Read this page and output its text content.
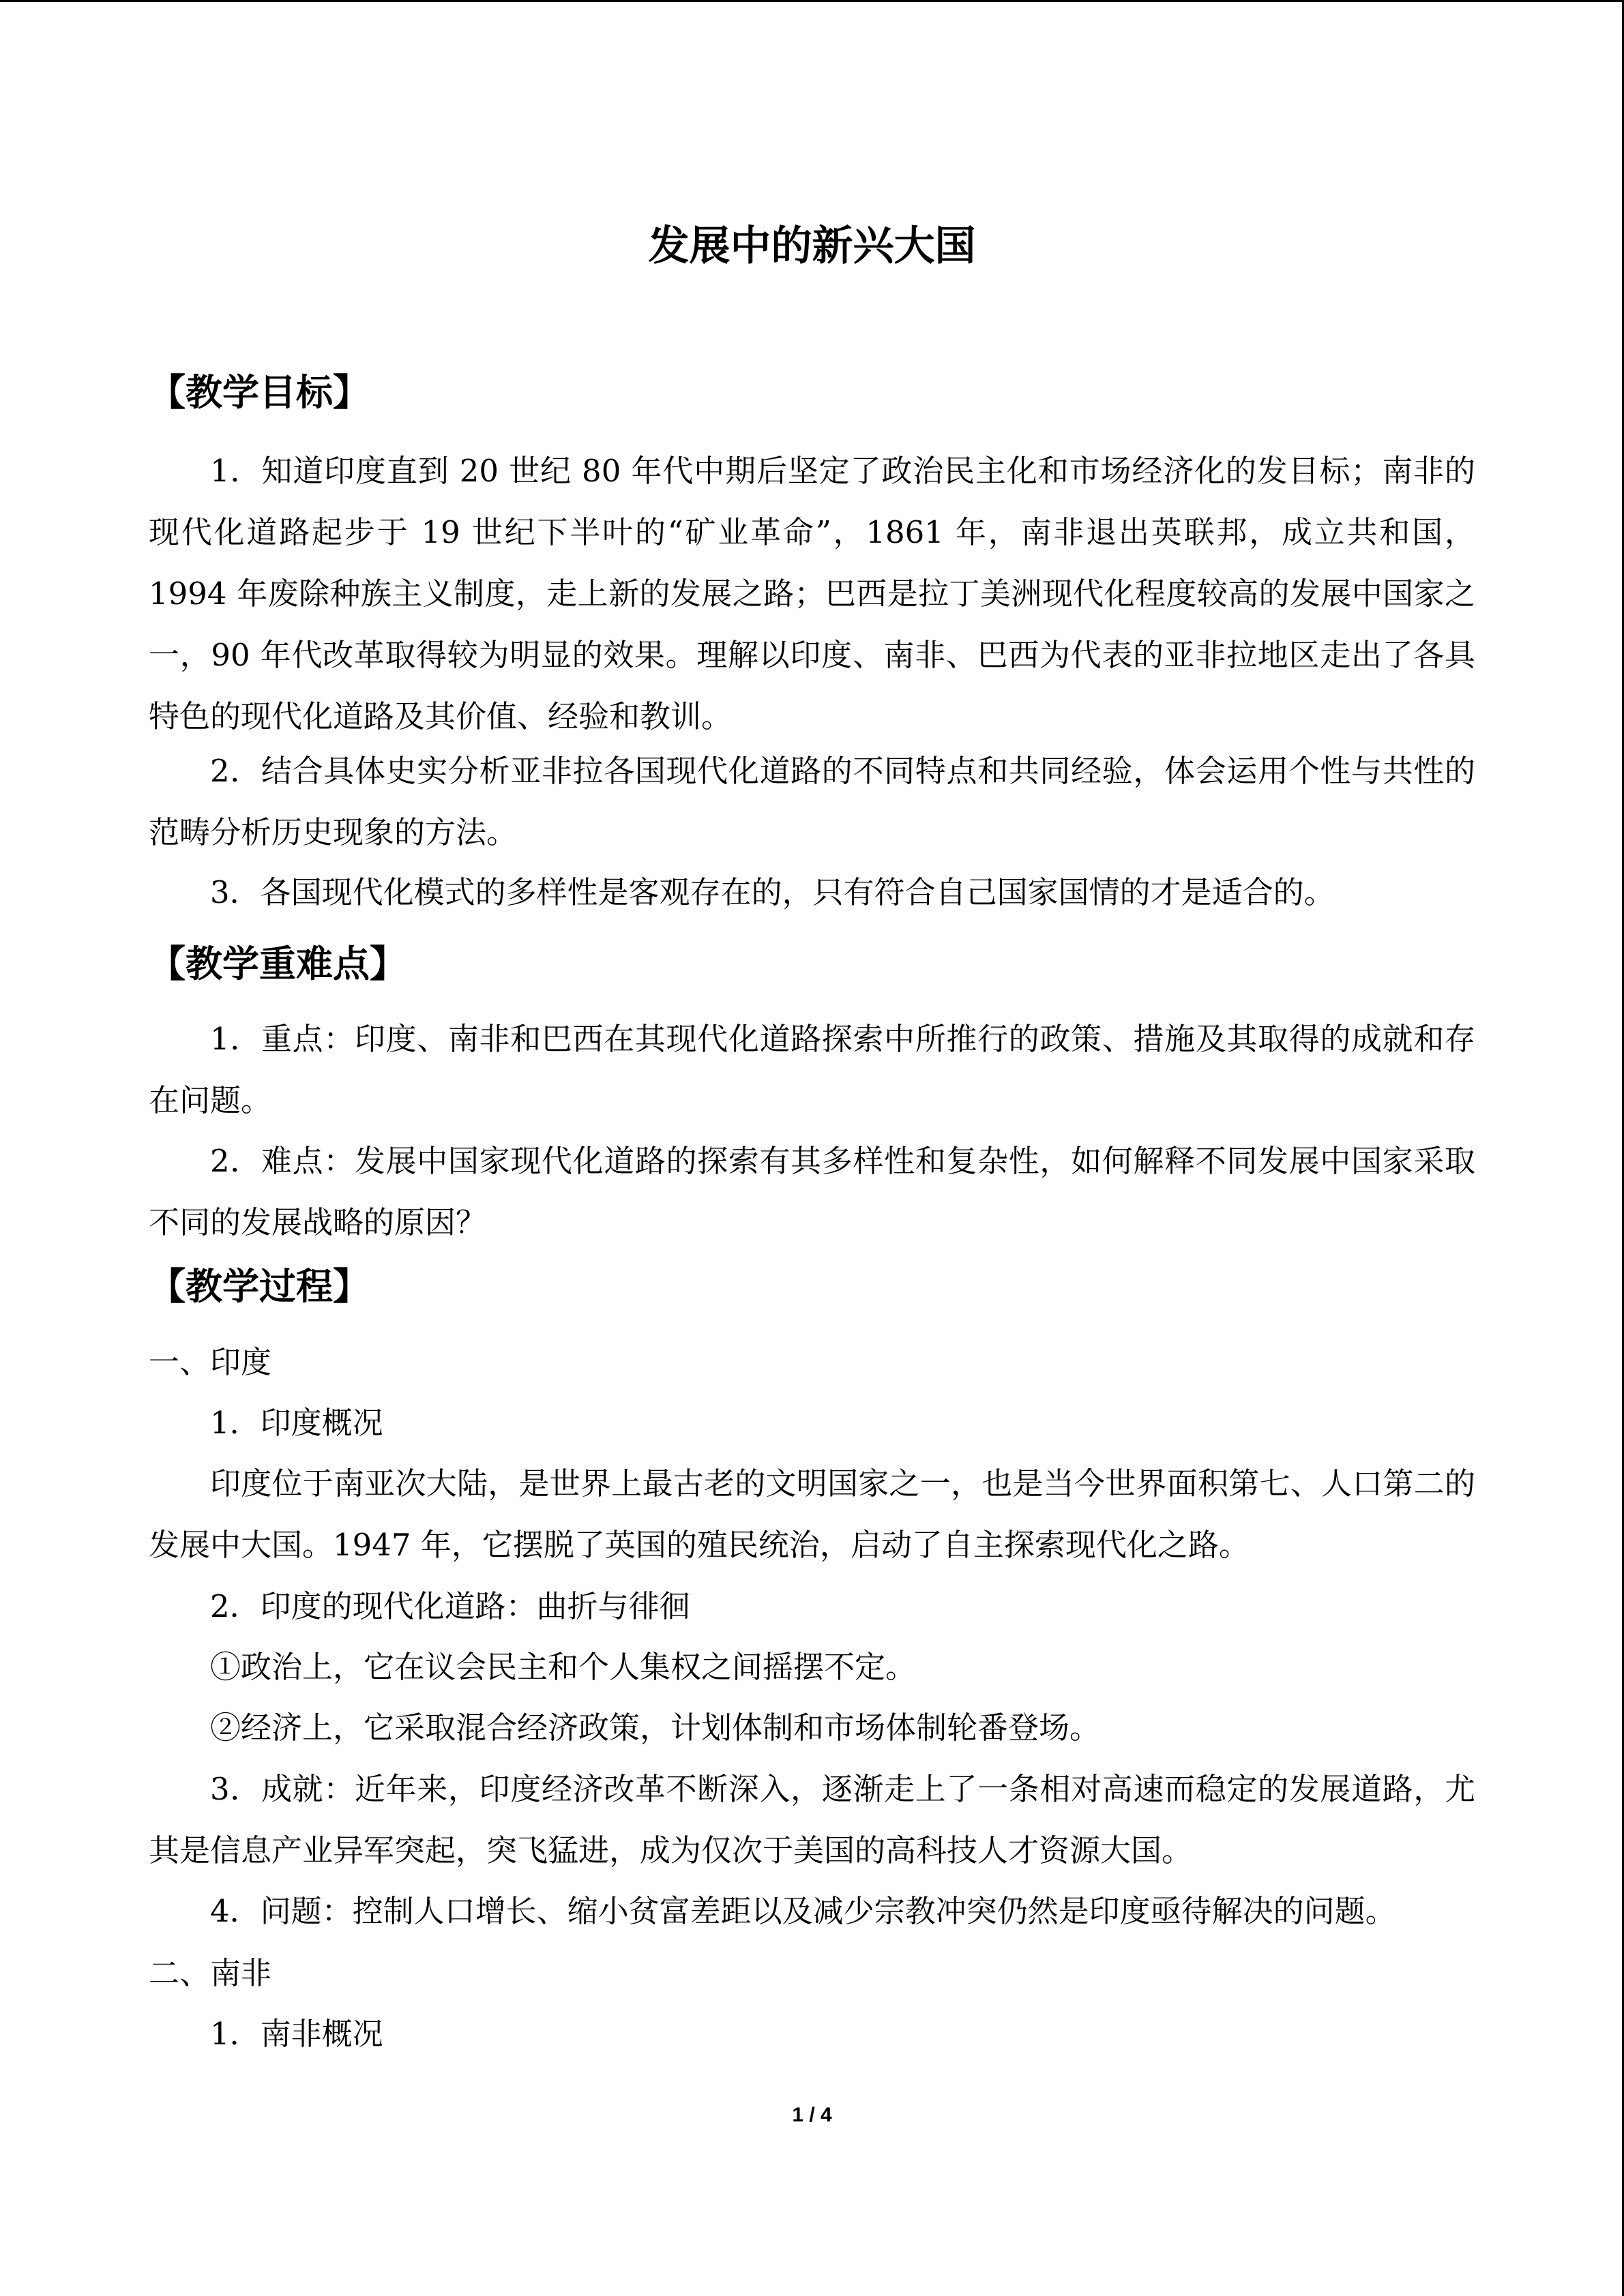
发展中的新兴大国
【教学目标】

1．知道印度直到 20 世纪 80 年代中期后坚定了政治民主化和市场经济化的发目标；南非的现代化道路起步于 19 世纪下半叶的“矿业革命”，1861 年，南非退出英联邦，成立共和国，1994 年废除种族主义制度，走上新的发展之路；巴西是拉丁美洲现代化程度较高的发展中国家之一，90 年代改革取得较为明显的效果。理解以印度、南非、巴西为代表的亚非拉地区走出了各具特色的现代化道路及其价值、经验和教训。

2．结合具体史实分析亚非拉各国现代化道路的不同特点和共同经验，体会运用个性与共性的范畴分析历史现象的方法。

3．各国现代化模式的多样性是客观存在的，只有符合自己国家国情的才是适合的。

【教学重难点】

1．重点：印度、南非和巴西在其现代化道路探索中所推行的政策、措施及其取得的成就和存在问题。

2．难点：发展中国家现代化道路的探索有其多样性和复杂性，如何解释不同发展中国家采取不同的发展战略的原因？

【教学过程】
一、印度
1．印度概况

印度位于南亚次大陆，是世界上最古老的文明国家之一，也是当今世界面积第七、人口第二的发展中大国。1947 年，它摆脱了英国的殖民统治，启动了自主探索现代化之路。

2．印度的现代化道路：曲折与徘徊
①政治上，它在议会民主和个人集权之间摇摆不定。
②经济上，它采取混合经济政策，计划体制和市场体制轮番登场。

3．成就：近年来，印度经济改革不断深入，逐渐走上了一条相对高速而稳定的发展道路，尤其是信息产业异军突起，突飞猛进，成为仅次于美国的高科技人才资源大国。

4．问题：控制人口增长、缩小贫富差距以及减少宗教冲突仍然是印度亟待解决的问题。

二、南非
1．南非概况
1 / 4
